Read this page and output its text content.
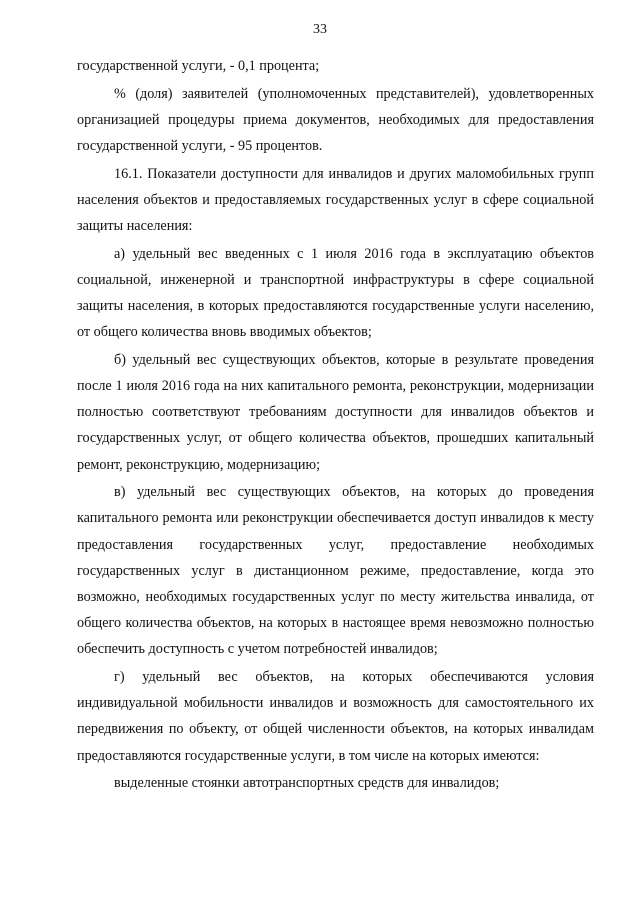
33

государственной услуги, - 0,1 процента;

% (доля) заявителей (уполномоченных представителей), удовлетворенных организацией процедуры приема документов, необходимых для предоставления государственной услуги, - 95 процентов.

16.1. Показатели доступности для инвалидов и других маломобильных групп населения объектов и предоставляемых государственных услуг в сфере социальной защиты населения:

а) удельный вес введенных с 1 июля 2016 года в эксплуатацию объектов социальной, инженерной и транспортной инфраструктуры в сфере социальной защиты населения, в которых предоставляются государственные услуги населению, от общего количества вновь вводимых объектов;

б) удельный вес существующих объектов, которые в результате проведения после 1 июля 2016 года на них капитального ремонта, реконструкции, модернизации полностью соответствуют требованиям доступности для инвалидов объектов и государственных услуг, от общего количества объектов, прошедших капитальный ремонт, реконструкцию, модернизацию;

в) удельный вес существующих объектов, на которых до проведения капитального ремонта или реконструкции обеспечивается доступ инвалидов к месту предоставления государственных услуг, предоставление необходимых государственных услуг в дистанционном режиме, предоставление, когда это возможно, необходимых государственных услуг по месту жительства инвалида, от общего количества объектов, на которых в настоящее время невозможно полностью обеспечить доступность с учетом потребностей инвалидов;

г) удельный вес объектов, на которых обеспечиваются условия индивидуальной мобильности инвалидов и возможность для самостоятельного их передвижения по объекту, от общей численности объектов, на которых инвалидам предоставляются государственные услуги, в том числе на которых имеются:

выделенные стоянки автотранспортных средств для инвалидов;
